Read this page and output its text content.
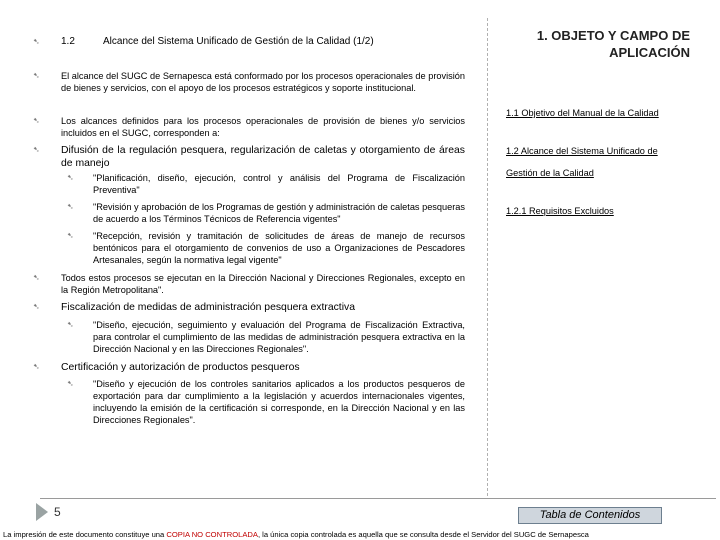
➷ 1.2	Alcance del Sistema Unificado de Gestión de la Calidad (1/2)
➷ El alcance del SUGC de Sernapesca está conformado por los procesos operacionales de provisión de bienes y servicios, con el apoyo de los procesos estratégicos y soporte institucional.
➷ Los alcances definidos para los procesos operacionales de provisión de bienes y/o servicios incluidos en el SUGC, corresponden a:
➷ Difusión de la regulación pesquera, regularización de caletas y otorgamiento de áreas de manejo
➷ "Planificación, diseño, ejecución, control y análisis del Programa de Fiscalización Preventiva"
➷ "Revisión y aprobación de los Programas de gestión y administración de caletas pesqueras de acuerdo a los Términos Técnicos de Referencia vigentes"
➷ "Recepción, revisión y tramitación de solicitudes de áreas de manejo de recursos bentónicos para el otorgamiento de convenios de uso a Organizaciones de Pescadores Artesanales, según la normativa legal vigente"
➷ Todos estos procesos se ejecutan en la Dirección Nacional y Direcciones Regionales, excepto en la Región Metropolitana".
➷ Fiscalización de medidas de administración pesquera extractiva
➷ "Diseño, ejecución, seguimiento y evaluación del Programa de Fiscalización Extractiva, para controlar el cumplimiento de las medidas de administración pesquera extractiva en la Dirección Nacional y en las Direcciones Regionales".
➷ Certificación y autorización de productos pesqueros
➷ "Diseño y ejecución de los controles sanitarios aplicados a los productos pesqueros de exportación para dar cumplimiento a la legislación y acuerdos internacionales vigentes, incluyendo la emisión de la certificación si corresponde, en la Dirección Nacional y en las Direcciones Regionales".
1. OBJETO Y CAMPO DE
APLICACIÓN
1.1 Objetivo del Manual de la Calidad
1.2 Alcance del Sistema Unificado de
Gestión de la Calidad
1.2.1 Requisitos Excluidos
5	Tabla de Contenidos
La impresión de este documento constituye una COPIA NO CONTROLADA, la única copia controlada es aquella que se consulta desde el Servidor del SUGC de Sernapesca
